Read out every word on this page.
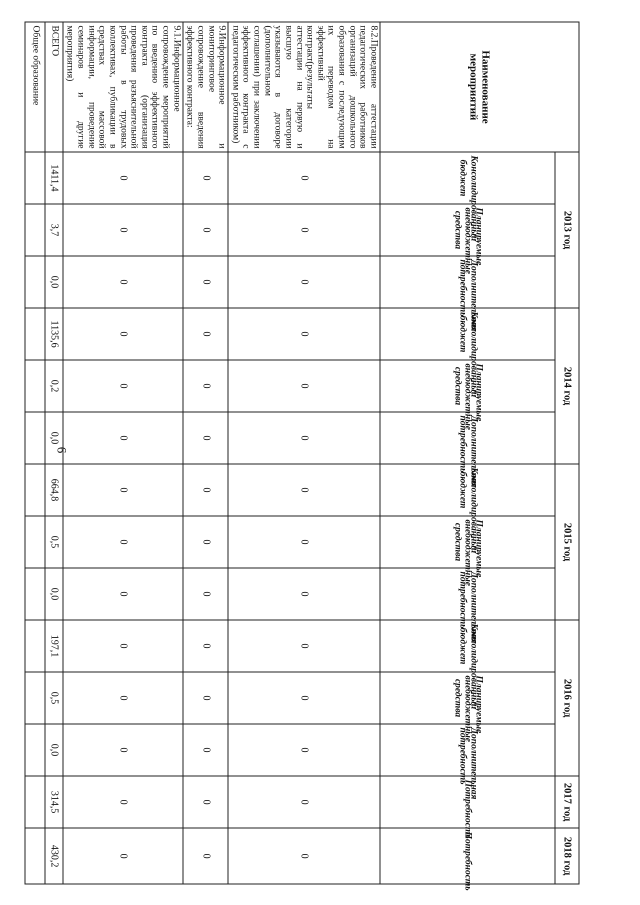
6
Наименование мероприятий	2013 год			2014 год			2015 год			2016 год			2017 год	2018 год
	Консолидированный бюджет	Планируемые внебюджетные средства	Дополнительная потребность	Консолидированный бюджет	Планируемые внебюджетные средства	Дополнительная потребность	Консолидированный бюджет	Планируемые внебюджетные средства	Дополнительная потребность	Консолидированный бюджет	Планируемые внебюджетные средства	Дополнительная потребность	Потребность	Потребность
8.2.Проведение аттестации педагогических работников организаций дошкольного образования с последующим их переводом на эффективный контракт(результаты аттестации на первую и высшую категории указываются в договоре (дополнительном соглашении) при заключении эффективного контракта с педагогическим работником)	0	0	0	0	0	0	0	0	0	0	0	0	0	0
9.Информационное и мониторинговое сопровождение введения эффективного контракта:	0	0	0	0	0	0	0	0	0	0	0	0	0	0
9.1.Информационное сопровождение мероприятий по введению эффективного контракта (организация проведения разъяснительной работы в трудовых коллективах, публикации в средствах массовой информации, проведение семинаров и другие мероприятия)	0	0	0	0	0	0	0	0	0	0	0	0	0	0
ВСЕГО	1411,4	3,7	0,0	1135,6	0,2	0,0	664,8	0,5	0,0	197,1	0,5	0,0	314,5	430,2
Общее образование														
